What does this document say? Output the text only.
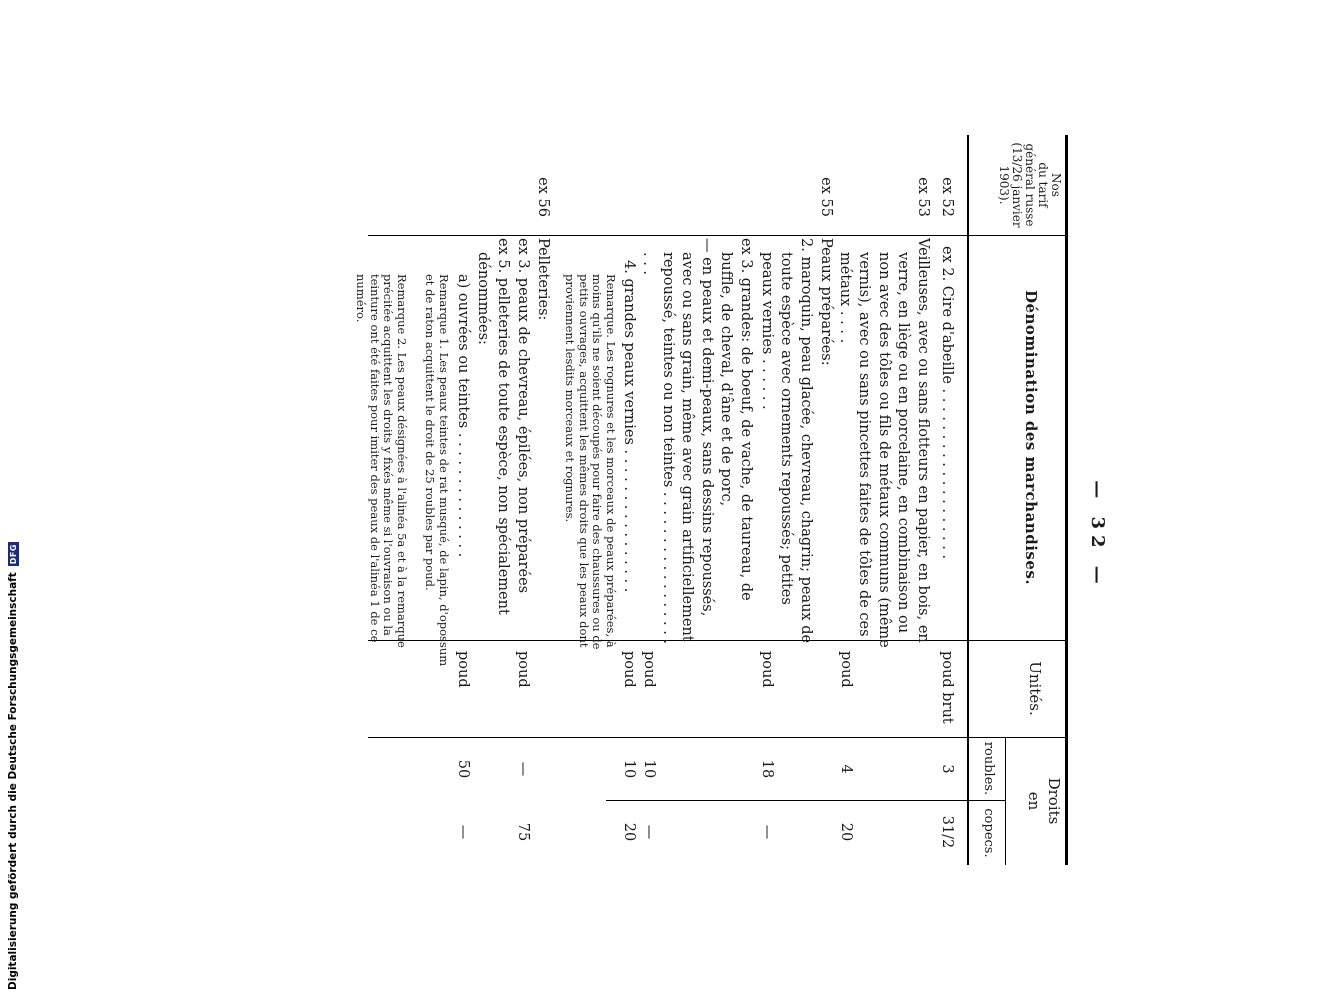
Digitalisierung gefördert durch die Deutsche Forschungsgemeinschaft
DFG	— 32 —
Nos
du tarif
général russe
(13/26 janvier
1903).
Dénomination des marchandises.
Unités.
Droits
en
roubles.
copecs.
ex 52
ex 2. Cire d'abeille . . . . . . . . . . . . . . . . . . .
poud brut
3
31/2
ex 53
Veilleuses, avec ou sans flotteurs en papier, en bois, en verre, en liège ou en porcelaine, en combinaison ou non avec des tôles ou fils de métaux communs (même vernis), avec ou sans pincettes faites de tôles de ces métaux . . . .
poud
4
20
ex 55
Peaux préparées:
2. maroquin, peau glacée, chevreau, chagrin; peaux de toute espèce avec ornements repoussés; petites peaux vernies . . . . . .
poud
18
—
ex 3. grandes: de boeuf, de vache, de taureau, de buffle, de cheval, d'âne et de porc,
— en peaux et demi-peaux, sans dessins repoussés, avec ou sans grain, même avec grain artificiellement repoussé, teintes ou non teintes . . . . . . . . . . . . . . . . . . . .
poud
10
—
4. grandes peaux vernies . . . . . . . . . . . . . . . .
poud
10
20
Remarque. Les rognures et les morceaux de peaux préparées, à moins qu'ils ne soient découpés pour faire des chaussures ou de petits ouvrages, acquittent les mêmes droits que les peaux dont proviennent lesdits morceaux et rognures.
ex 56
Pelleteries:
ex 3. peaux de chevreau, épilées, non préparées
poud
—
75
ex 5. pelleteries de toute espèce, non spécialement dénommées:
a) ouvrées ou teintes . . . . . . . . . . . . . .
poud
50
—
Remarque 1. Les peaux teintes de rat musqué, de lapin, d'opossum et de raton acquittent le droit de 25 roubles par poud.
Remarque 2. Les peaux désignées à l'alinéa 5a et à la remarque précitée acquittent les droits y fixés même si l'ouvraison ou la teinture ont été faites pour imiter des peaux de l'alinéa 1 de ce numéro.
